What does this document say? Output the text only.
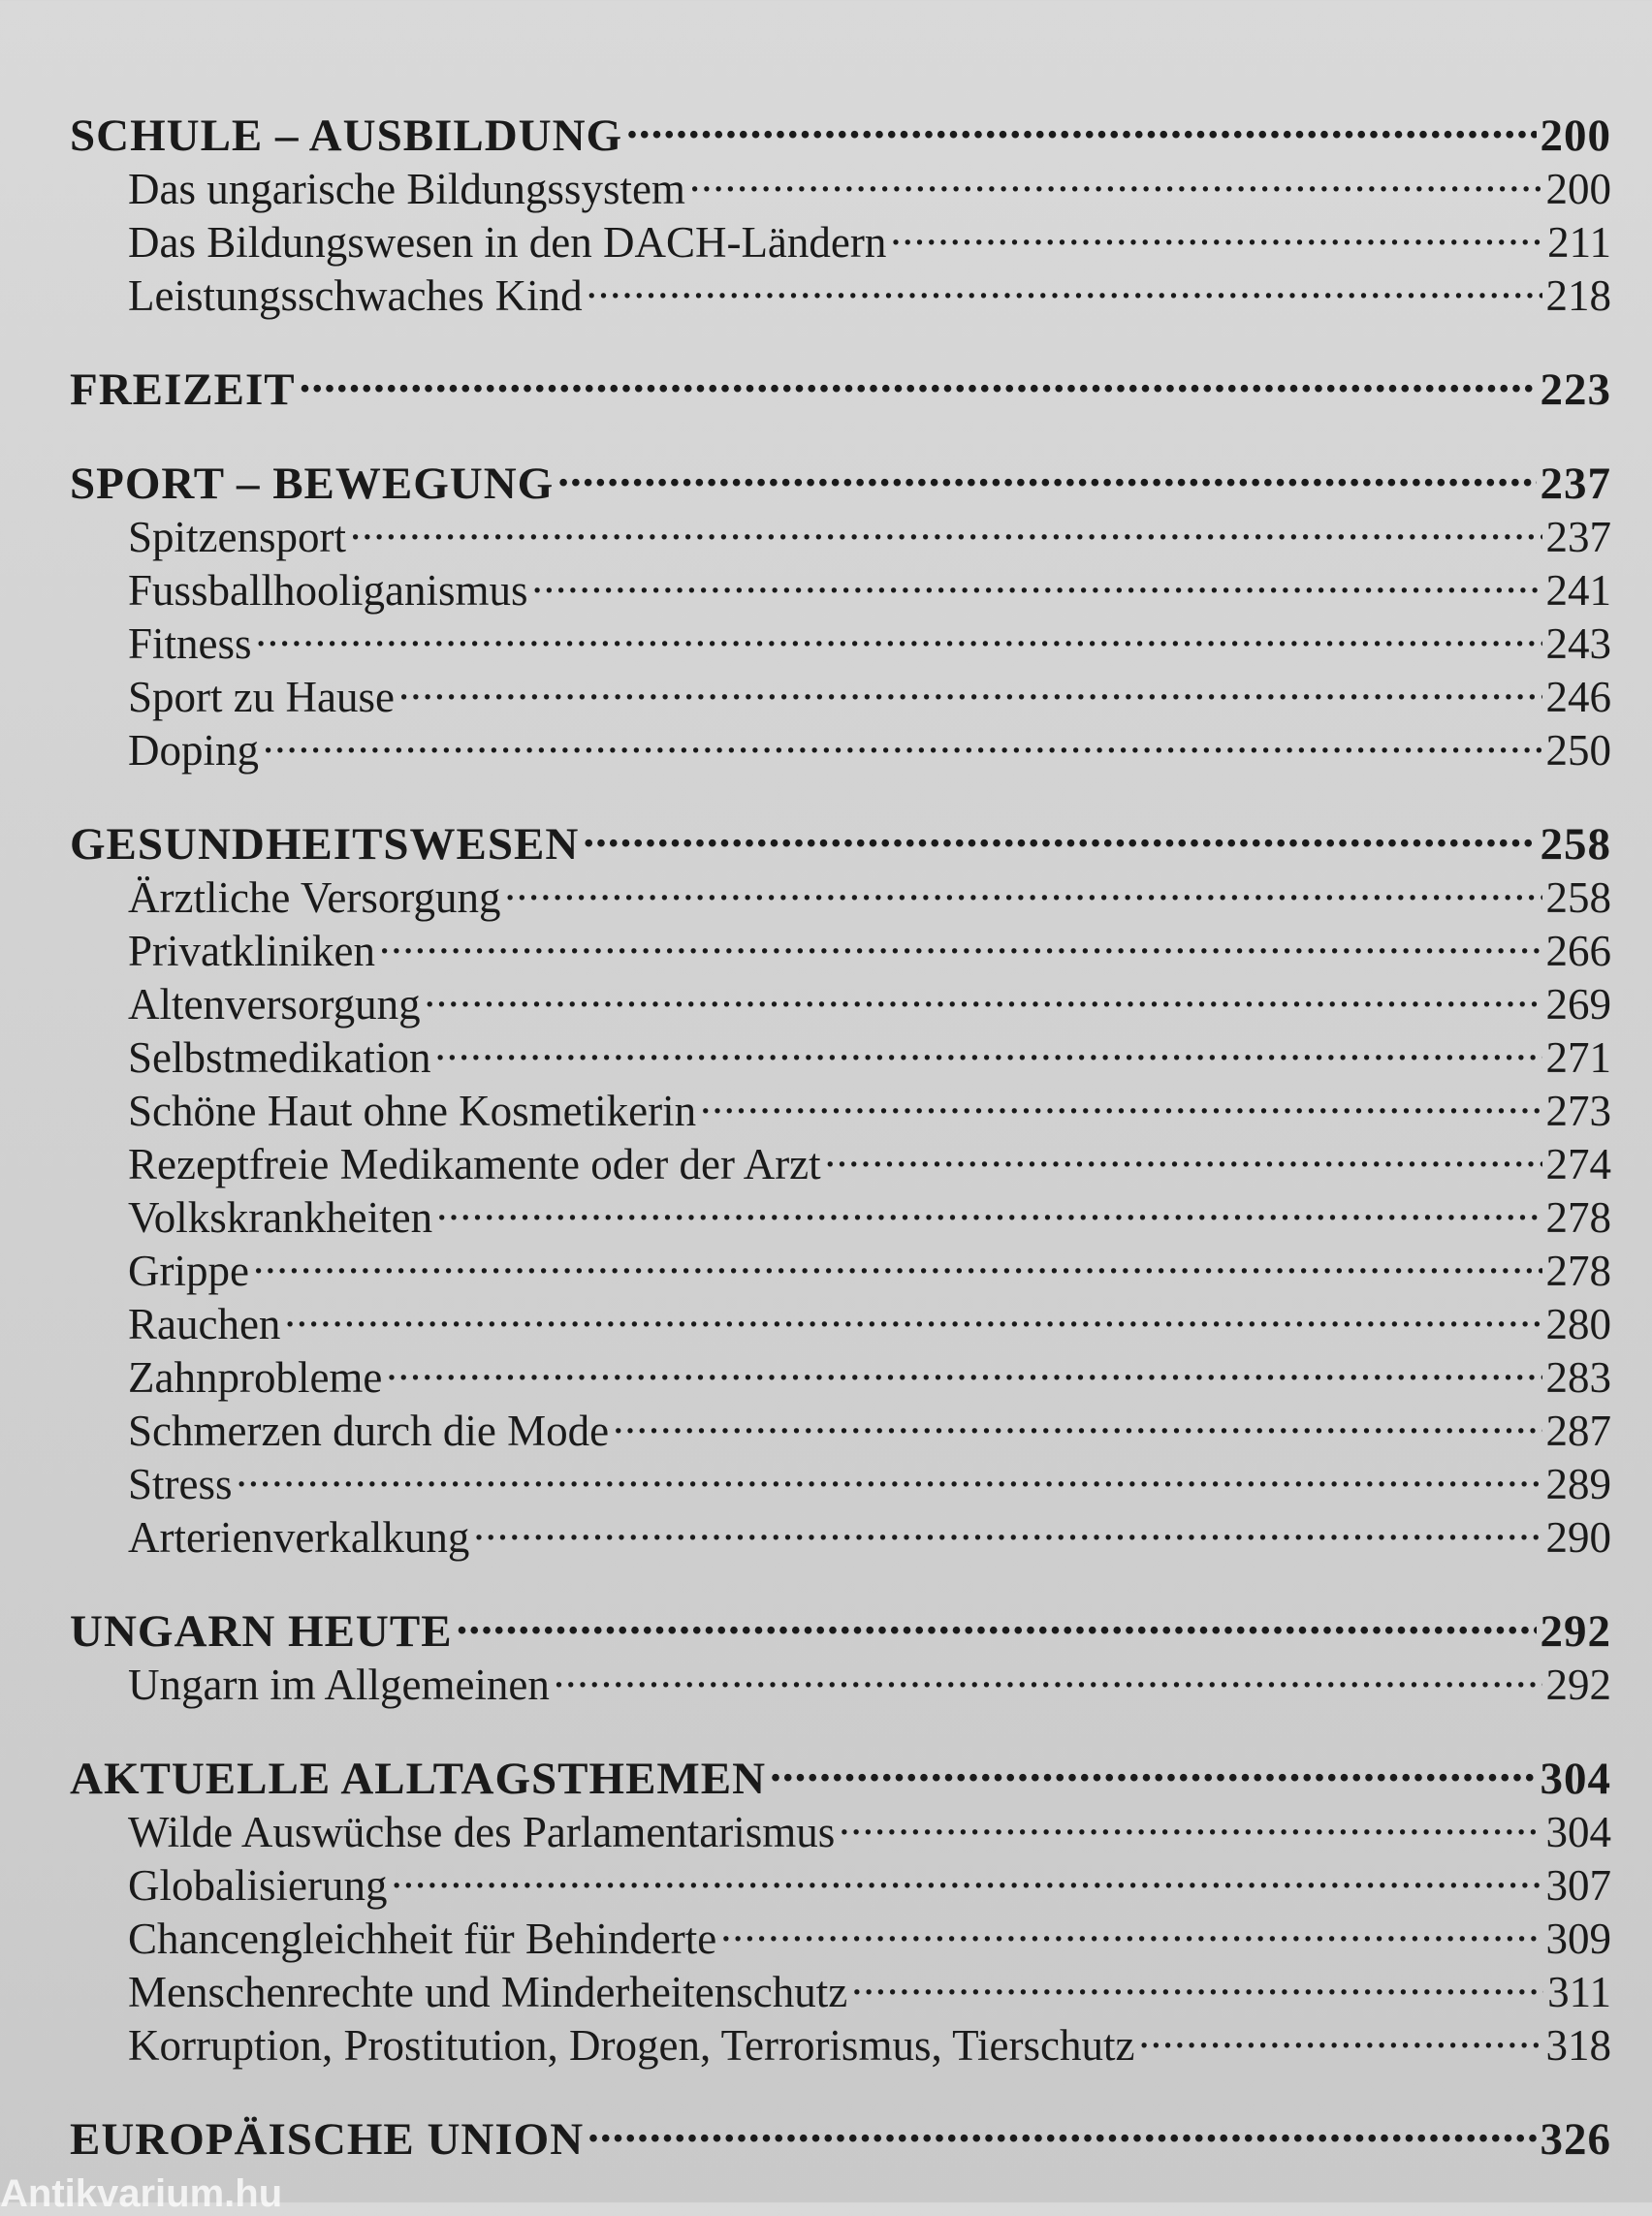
SCHULE – AUSBILDUNG .....	200
Das ungarische Bildungssystem .....	200
Das Bildungswesen in den DACH-Ländern .....	211
Leistungsschwaches Kind .....	218
FREIZEIT .....	223
SPORT – BEWEGUNG .....	237
Spitzensport .....	237
Fussballhooliganismus .....	241
Fitness .....	243
Sport zu Hause .....	246
Doping .....	250
GESUNDHEITSWESEN .....	258
Ärztliche Versorgung .....	258
Privatkliniken .....	266
Altenversorgung .....	269
Selbstmedikation .....	271
Schöne Haut ohne Kosmetikerin .....	273
Rezeptfreie Medikamente oder der Arzt .....	274
Volkskrankheiten .....	278
Grippe .....	278
Rauchen .....	280
Zahnprobleme .....	283
Schmerzen durch die Mode .....	287
Stress .....	289
Arterienverkalkung .....	290
UNGARN HEUTE .....	292
Ungarn im Allgemeinen .....	292
AKTUELLE ALLTAGSTHEMEN .....	304
Wilde Auswüchse des Parlamentarismus .....	304
Globalisierung .....	307
Chancengleichheit für Behinderte .....	309
Menschenrechte und Minderheitenschutz .....	311
Korruption, Prostitution, Drogen, Terrorismus, Tierschutz .....	318
EUROPÄISCHE UNION .....	326
Antikvarium.hu
